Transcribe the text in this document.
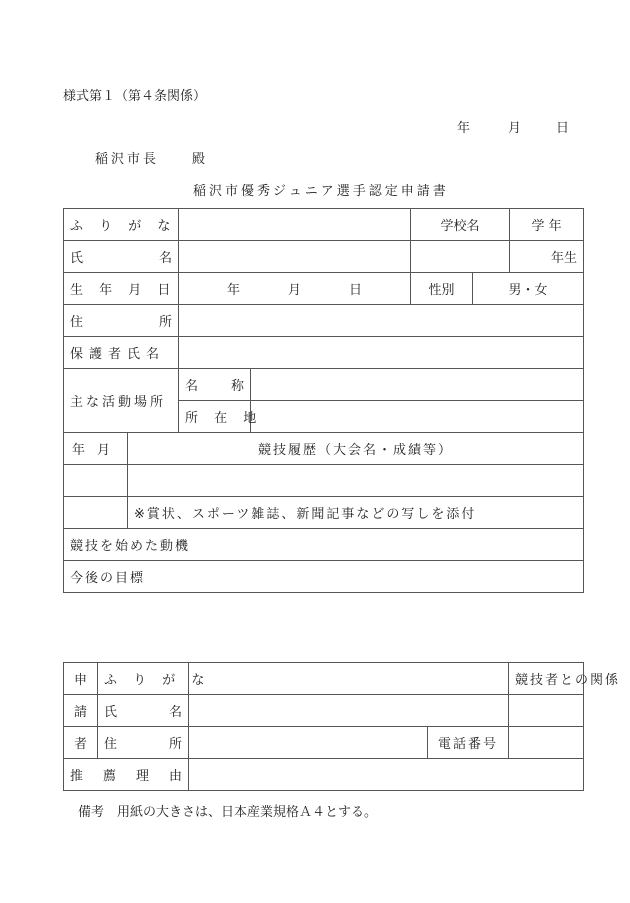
様式第１（第４条関係）
年	月	日
稲沢市長	殿
稲沢市優秀ジュニア選手認定申請書
ふ り が な				学校名		学 年

氏 名						年生
生 年 月 日		年 月 日		性別	男・女	

住 所						

保護者氏名						
主な活動場所		名 称				

		所 在 地				

年 月	競技履歴（大会名・成績等）					

	※賞状、スポーツ雑誌、新聞記事などの写しを添付					
競技を始めた動機						
今後の目標						
申	ふ り が な			競技者との関係
請	氏 名			

者	住 所		電話番号	

推 薦 理 由				

備考　用紙の大きさは、日本産業規格Ａ４とする。
